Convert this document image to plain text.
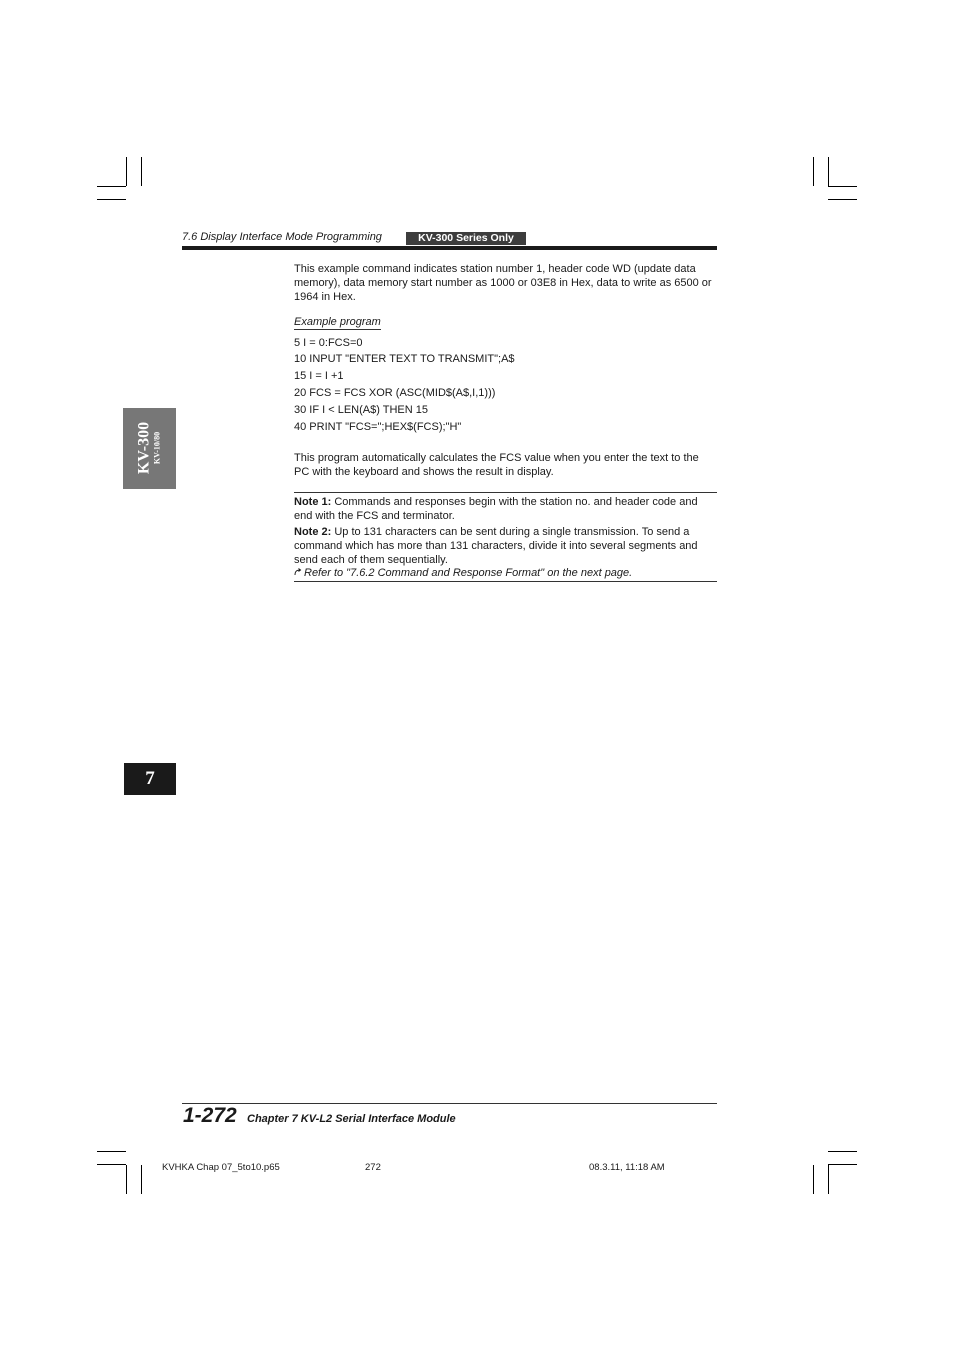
7.6 Display Interface Mode Programming	KV-300 Series Only
This example command indicates station number 1, header code WD (update data memory), data memory start number as 1000 or 03E8 in Hex, data to write as 6500 or 1964 in Hex.
Example program
5 I = 0:FCS=0
10 INPUT "ENTER TEXT TO TRANSMIT";A$
15 I = I +1
20 FCS = FCS XOR (ASC(MID$(A$,I,1)))
30 IF I < LEN(A$) THEN 15
40 PRINT "FCS=";HEX$(FCS);"H"
This program automatically calculates the FCS value when you enter the text to the PC with the keyboard and shows the result in display.
Note 1: Commands and responses begin with the station no. and header code and end with the FCS and terminator.
Note 2: Up to 131 characters can be sent during a single transmission. To send a command which has more than 131 characters, divide it into several segments and send each of them sequentially.
Refer to "7.6.2 Command and Response Format" on the next page.
KV-300 KV-10/80
7
1-272 Chapter 7 KV-L2 Serial Interface Module
KVHKA Chap 07_5to10.p65	272	08.3.11, 11:18 AM
